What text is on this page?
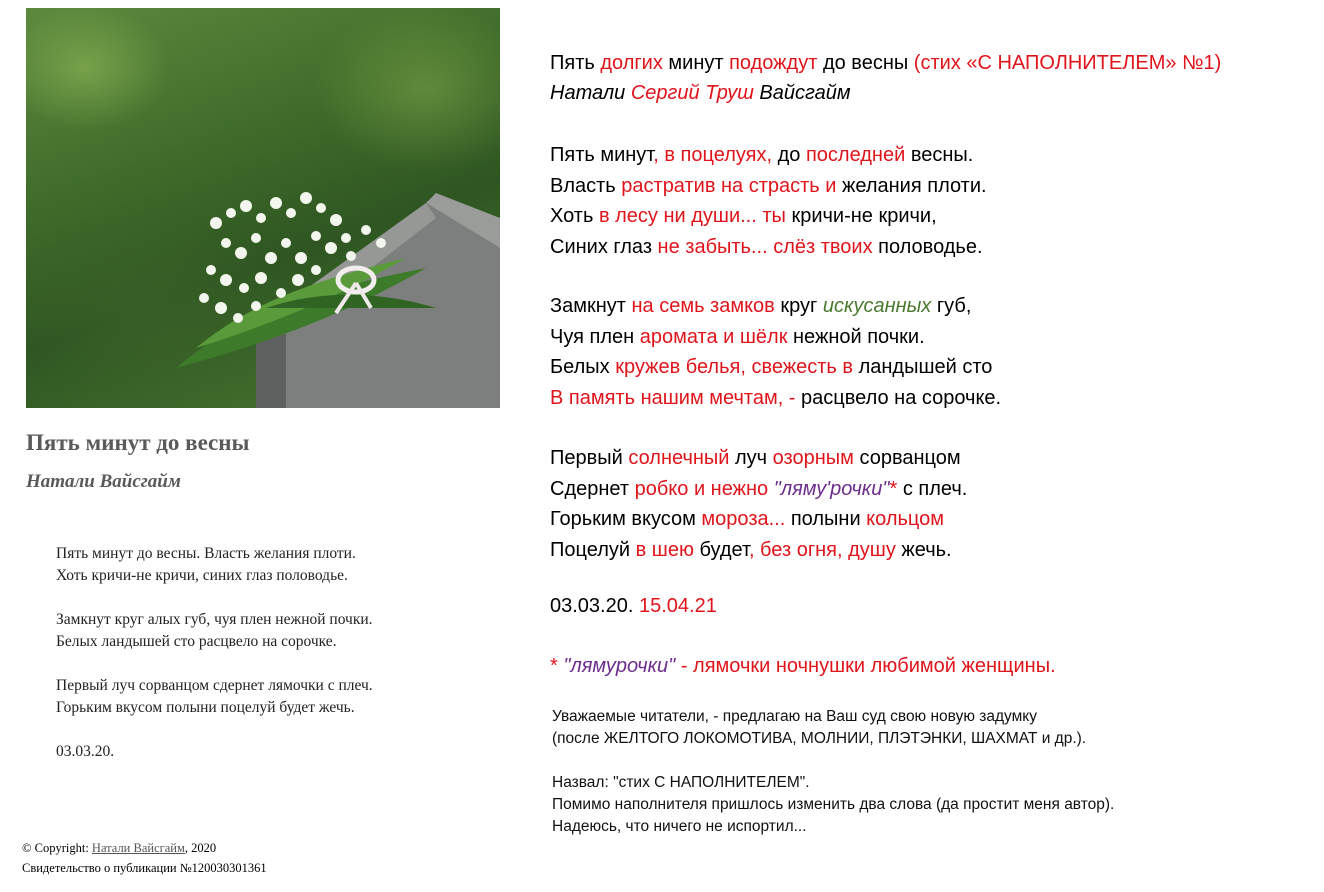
Пять минут до весны
Натали Вайсгайм
Пять минут до весны. Власть желания плоти.
Хоть кричи-не кричи, синих глаз половодье.
Замкнут круг алых губ, чуя плен нежной почки.
Белых ландышей сто расцвело на сорочке.
Первый луч сорванцом сдернет лямочки с плеч.
Горьким вкусом полыни поцелуй будет жечь.
03.03.20.
© Copyright: Натали Вайсгайм, 2020
Свидетельство о публикации №120030301361
Пять долгих минут подождут до весны (стих «С НАПОЛНИТЕЛЕМ» №1)
Натали Сергий Труш Вайсгайм
Пять минут, в поцелуях, до последней весны.
Власть растратив на страсть и желания плоти.
Хоть в лесу ни души... ты кричи-не кричи,
Синих глаз не забыть... слёз твоих половодье.
Замкнут на семь замков круг искусанных губ,
Чуя плен аромата и шёлк нежной почки.
Белых кружев белья, свежесть в ландышей сто
В память нашим мечтам, - расцвело на сорочке.
Первый солнечный луч озорным сорванцом
Сдернет робко и нежно "ляму'рочки"* с плеч.
Горьким вкусом мороза... полыни кольцом
Поцелуй в шею будет, без огня, душу жечь.
03.03.20. 15.04.21
* "лямурочки" - лямочки ночнушки любимой женщины.
Уважаемые читатели, - предлагаю на Ваш суд свою новую задумку
(после ЖЕЛТОГО ЛОКОМОТИВА, МОЛНИИ, ПЛЭТЭНКИ, ШАХМАТ и др.).
Назвал: "стих С НАПОЛНИТЕЛЕМ".
Помимо наполнителя пришлось изменить два слова (да простит меня автор).
Надеюсь, что ничего не испортил...
